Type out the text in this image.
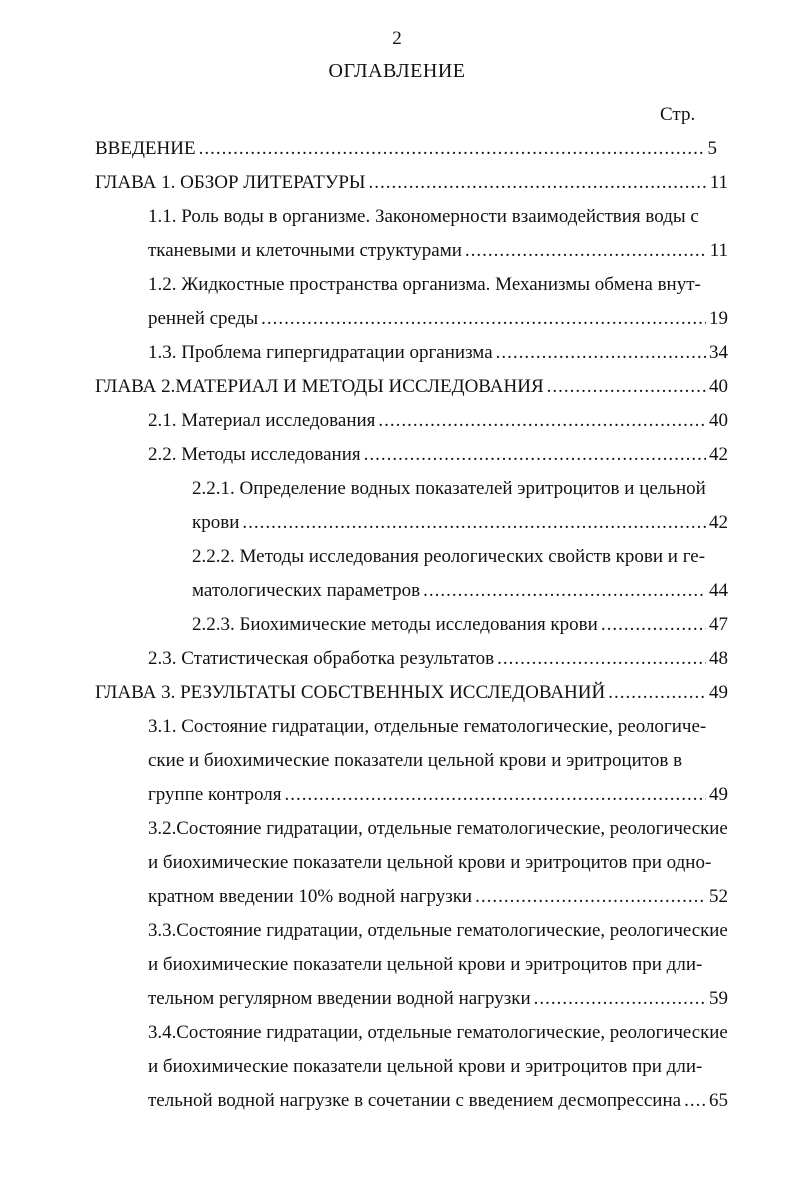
2
ОГЛАВЛЕНИЕ
Стр.
ВВЕДЕНИЕ .....	5
ГЛАВА 1. ОБЗОР ЛИТЕРАТУРЫ .....	11
1.1. Роль воды в организме. Закономерности взаимодействия воды с
тканевыми и клеточными структурами .....	11
1.2. Жидкостные пространства организма. Механизмы обмена внут-
ренней среды .....	19
1.3. Проблема гипергидратации организма .....	34
ГЛАВА 2.МАТЕРИАЛ И МЕТОДЫ ИССЛЕДОВАНИЯ .....	40
2.1. Материал исследования .....	40
2.2. Методы исследования .....	42
2.2.1. Определение водных показателей эритроцитов и цельной
крови .....	42
2.2.2. Методы исследования реологических свойств крови и ге-
матологических параметров .....	44
2.2.3. Биохимические методы исследования крови .....	47
2.3. Статистическая обработка результатов .....	48
ГЛАВА 3. РЕЗУЛЬТАТЫ СОБСТВЕННЫХ ИССЛЕДОВАНИЙ .....	49
3.1. Состояние гидратации, отдельные гематологические, реологиче-
ские и биохимические показатели цельной крови и эритроцитов в
группе контроля .....	49
3.2.Состояние гидратации, отдельные гематологические, реологические
и биохимические показатели цельной крови и эритроцитов при одно-
кратном введении 10% водной нагрузки .....	52
3.3.Состояние гидратации, отдельные гематологические, реологические
и биохимические показатели цельной крови и эритроцитов при дли-
тельном регулярном введении водной нагрузки .....	59
3.4.Состояние гидратации, отдельные гематологические, реологические
и биохимические показатели цельной крови и эритроцитов при дли-
тельной водной нагрузке в сочетании с введением десмопрессина ..... 65
